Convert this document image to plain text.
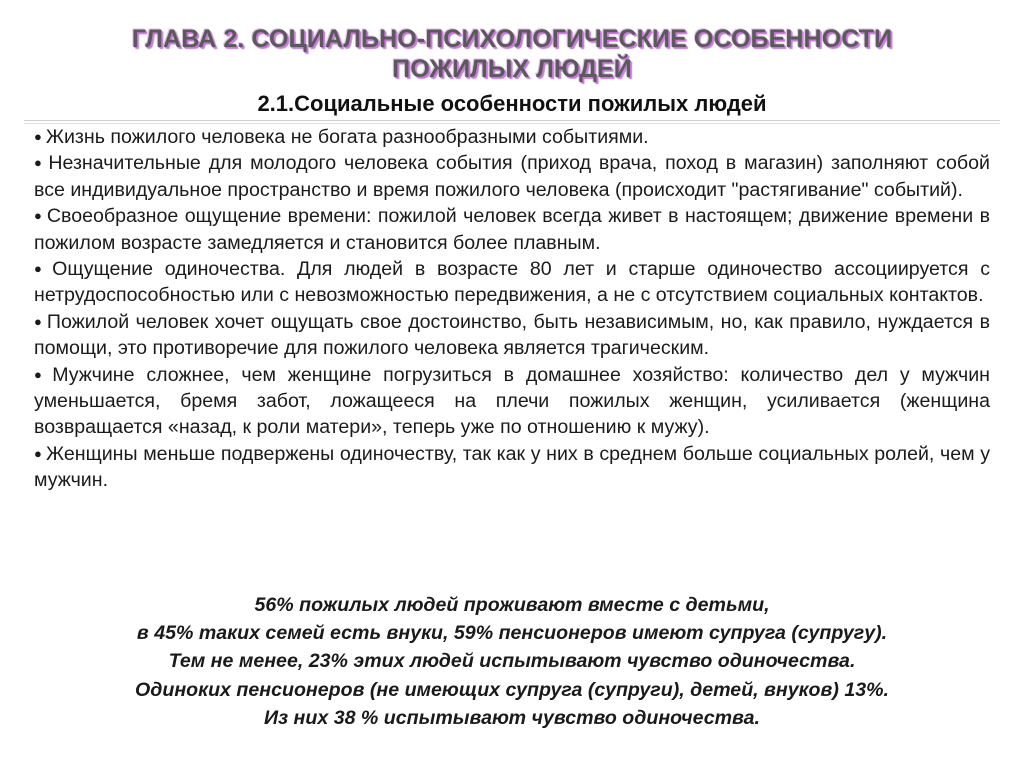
ГЛАВА 2. СОЦИАЛЬНО-ПСИХОЛОГИЧЕСКИЕ ОСОБЕННОСТИ
ПОЖИЛЫХ ЛЮДЕЙ
2.1.Социальные особенности пожилых людей

● Жизнь пожилого человека не богата разнообразными событиями.

● Незначительные для молодого человека события (приход врача, поход в магазин) заполняют собой все индивидуальное пространство и время пожилого человека (происходит "растягивание" событий).

● Своеобразное ощущение времени: пожилой человек всегда живет в настоящем; движение времени в пожилом возрасте замедляется и становится более плавным.

● Ощущение одиночества. Для людей в возрасте 80 лет и старше одиночество ассоциируется с нетрудоспособностью или с невозможностью передвижения, а не с отсутствием социальных контактов.

● Пожилой человек хочет ощущать свое достоинство, быть независимым, но, как правило, нуждается в помощи, это противоречие для пожилого человека является трагическим.

● Мужчине сложнее, чем женщине погрузиться в домашнее хозяйство: количество дел у мужчин уменьшается, бремя забот, ложащееся на плечи пожилых женщин, усиливается (женщина возвращается «назад, к роли матери», теперь уже по отношению к мужу).

● Женщины меньше подвержены одиночеству, так как у них в среднем больше социальных ролей, чем у мужчин.

56% пожилых людей проживают вместе с детьми,
в 45% таких семей есть внуки, 59% пенсионеров имеют супруга (супругу).
Тем не менее, 23% этих людей испытывают чувство одиночества.
Одиноких пенсионеров (не имеющих супруга (супруги), детей, внуков) 13%.
Из них 38 % испытывают чувство одиночества.
